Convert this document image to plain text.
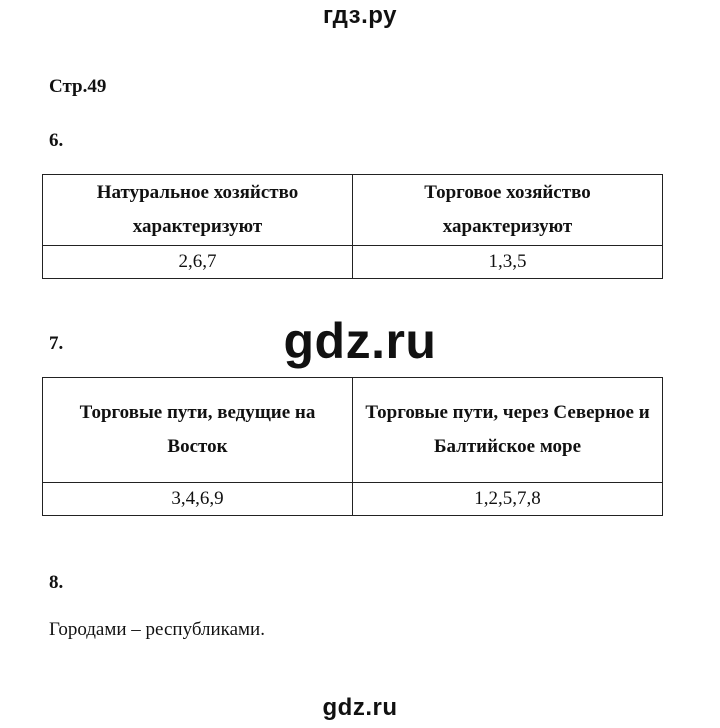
гдз.ру
Стр.49
6.
Натуральное хозяйство характеризуют	Торговое хозяйство характеризуют
2,6,7	1,3,5
gdz.ru
7.
Торговые пути, ведущие на Восток	Торговые пути, через Северное и Балтийское море
3,4,6,9	1,2,5,7,8
8.
Городами – республиками.
gdz.ru
